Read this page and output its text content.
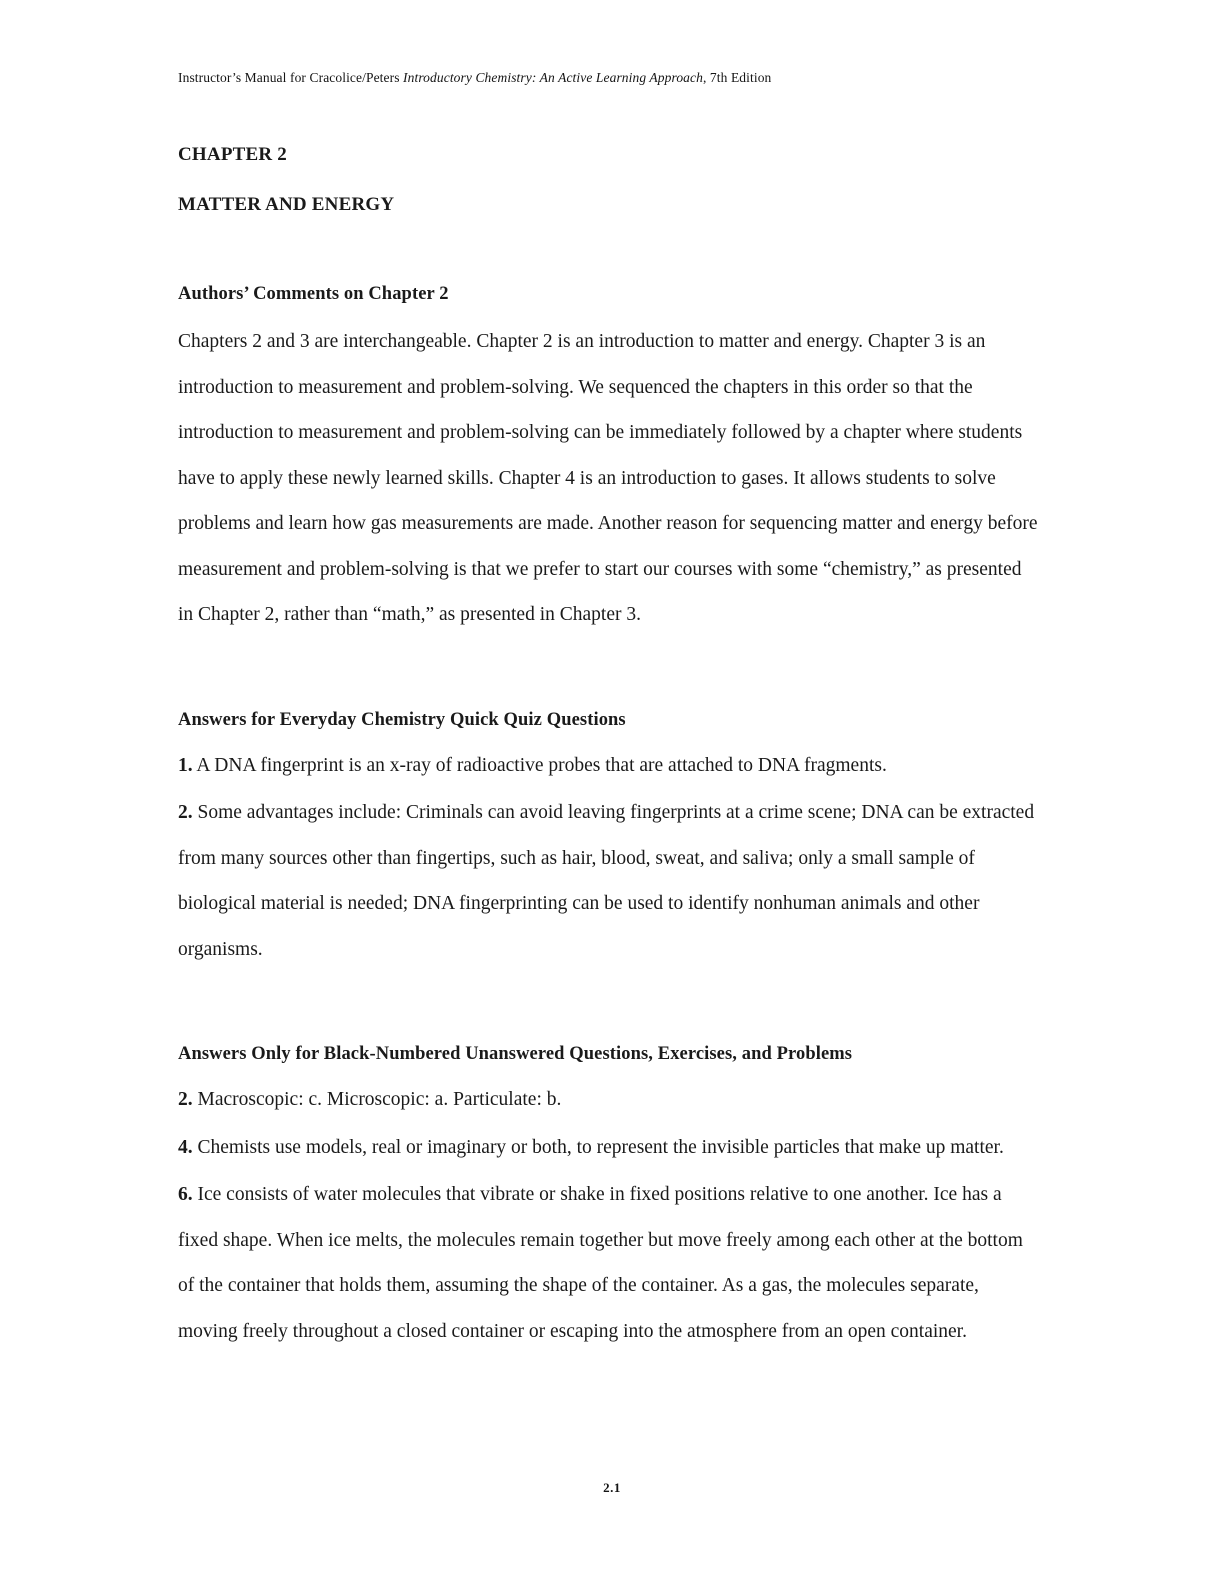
Instructor’s Manual for Cracolice/Peters Introductory Chemistry: An Active Learning Approach, 7th Edition
CHAPTER 2
MATTER AND ENERGY
Authors’ Comments on Chapter 2
Chapters 2 and 3 are interchangeable. Chapter 2 is an introduction to matter and energy. Chapter 3 is an introduction to measurement and problem-solving. We sequenced the chapters in this order so that the introduction to measurement and problem-solving can be immediately followed by a chapter where students have to apply these newly learned skills. Chapter 4 is an introduction to gases. It allows students to solve problems and learn how gas measurements are made. Another reason for sequencing matter and energy before measurement and problem-solving is that we prefer to start our courses with some “chemistry,” as presented in Chapter 2, rather than “math,” as presented in Chapter 3.
Answers for Everyday Chemistry Quick Quiz Questions
1. A DNA fingerprint is an x-ray of radioactive probes that are attached to DNA fragments.
2. Some advantages include: Criminals can avoid leaving fingerprints at a crime scene; DNA can be extracted from many sources other than fingertips, such as hair, blood, sweat, and saliva; only a small sample of biological material is needed; DNA fingerprinting can be used to identify nonhuman animals and other organisms.
Answers Only for Black-Numbered Unanswered Questions, Exercises, and Problems
2. Macroscopic: c. Microscopic: a. Particulate: b.
4. Chemists use models, real or imaginary or both, to represent the invisible particles that make up matter.
6. Ice consists of water molecules that vibrate or shake in fixed positions relative to one another. Ice has a fixed shape. When ice melts, the molecules remain together but move freely among each other at the bottom of the container that holds them, assuming the shape of the container. As a gas, the molecules separate, moving freely throughout a closed container or escaping into the atmosphere from an open container.
2.1
